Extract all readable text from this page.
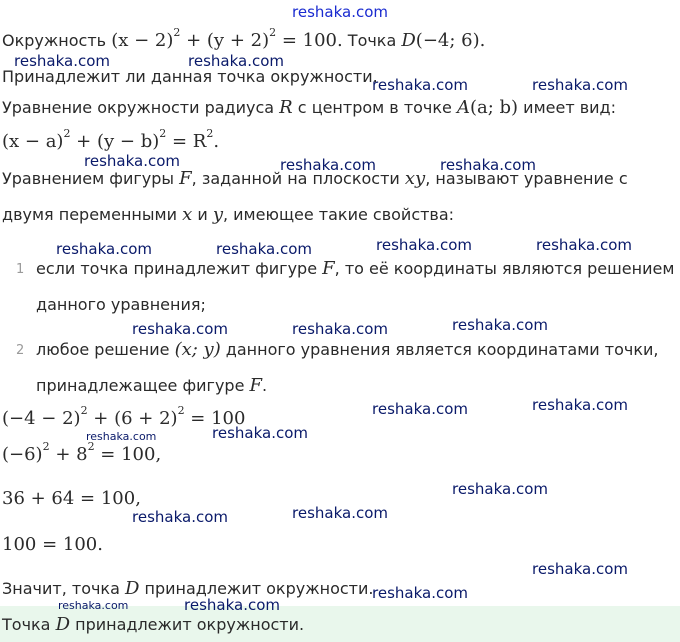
reshaka.com
Окружность $(x - 2)^2 + (y + 2)^2 = 100$. Точка D(−4; 6).
reshaka.com	reshaka.com
Принадлежит ли данная точка окружности.
reshaka.com	reshaka.com
Уравнение окружности радиуса R с центром в точке A(a; b) имеет вид:
$(x - a)^2 + (y - b)^2 = R^2$.
reshaka.com	reshaka.com	reshaka.com
Уравнением фигуры F, заданной на плоскости xy, называют уравнение с
двумя переменными x и y, имеющее такие свойства:
reshaka.com	reshaka.com	reshaka.com	reshaka.com
1 если точка принадлежит фигуре F, то её координаты являются решением
данного уравнения;
reshaka.com	reshaka.com	reshaka.com
2 любое решение (x; y) данного уравнения является координатами точки,
принадлежащее фигуре F.
$(-4 - 2)^2 + (6 + 2)^2 = 100$	reshaka.com	reshaka.com
reshaka.com	reshaka.com
$(-6)^2 + 8^2 = 100$,
reshaka.com
36 + 64 = 100,
reshaka.com	reshaka.com
100 = 100.
reshaka.com
Значит, точка D принадлежит окружности.
reshaka.com
Точка D принадлежит окружности.
reshaka.com	reshaka.com
